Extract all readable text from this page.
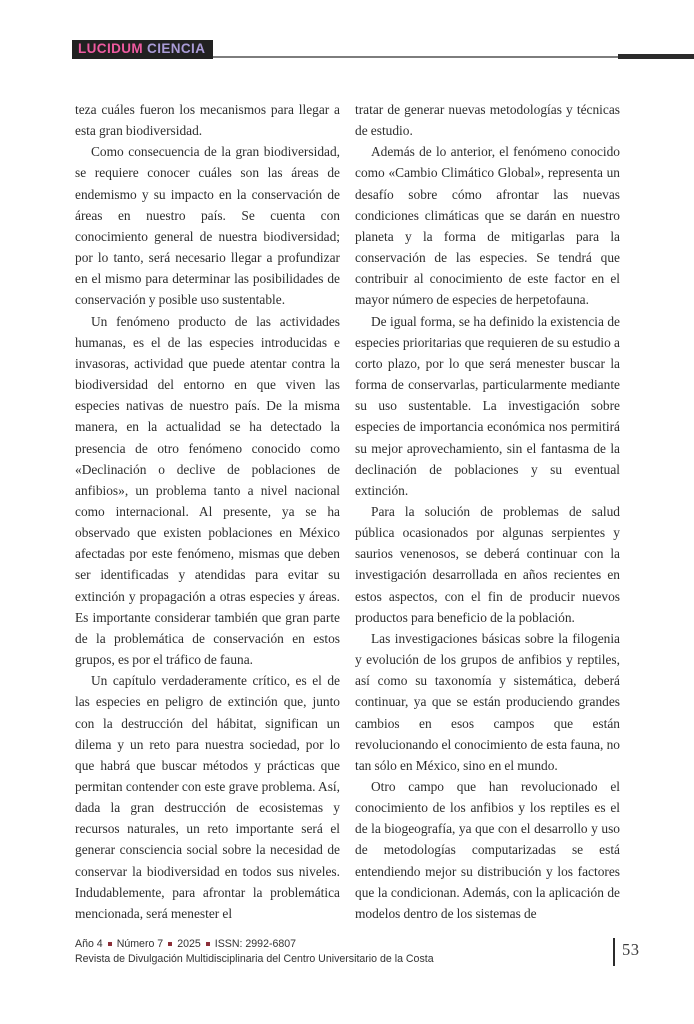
LUCIDUM CIENCIA

teza cuáles fueron los mecanismos para llegar a esta gran biodiversidad.

Como consecuencia de la gran biodiversidad, se requiere conocer cuáles son las áreas de endemismo y su impacto en la conservación de áreas en nuestro país. Se cuenta con conocimiento general de nuestra biodiversidad; por lo tanto, será necesario llegar a profundizar en el mismo para determinar las posibilidades de conservación y posible uso sustentable.

Un fenómeno producto de las actividades humanas, es el de las especies introducidas e invasoras, actividad que puede atentar contra la biodiversidad del entorno en que viven las especies nativas de nuestro país. De la misma manera, en la actualidad se ha detectado la presencia de otro fenómeno conocido como «Declinación o declive de poblaciones de anfibios», un problema tanto a nivel nacional como internacional. Al presente, ya se ha observado que existen poblaciones en México afectadas por este fenómeno, mismas que deben ser identificadas y atendidas para evitar su extinción y propagación a otras especies y áreas. Es importante considerar también que gran parte de la problemática de conservación en estos grupos, es por el tráfico de fauna.

Un capítulo verdaderamente crítico, es el de las especies en peligro de extinción que, junto con la destrucción del hábitat, significan un dilema y un reto para nuestra sociedad, por lo que habrá que buscar métodos y prácticas que permitan contender con este grave problema. Así, dada la gran destrucción de ecosistemas y recursos naturales, un reto importante será el generar consciencia social sobre la necesidad de conservar la biodiversidad en todos sus niveles. Indudablemente, para afrontar la problemática mencionada, será menester el

tratar de generar nuevas metodologías y técnicas de estudio.

Además de lo anterior, el fenómeno conocido como «Cambio Climático Global», representa un desafío sobre cómo afrontar las nuevas condiciones climáticas que se darán en nuestro planeta y la forma de mitigarlas para la conservación de las especies. Se tendrá que contribuir al conocimiento de este factor en el mayor número de especies de herpetofauna.

De igual forma, se ha definido la existencia de especies prioritarias que requieren de su estudio a corto plazo, por lo que será menester buscar la forma de conservarlas, particularmente mediante su uso sustentable. La investigación sobre especies de importancia económica nos permitirá su mejor aprovechamiento, sin el fantasma de la declinación de poblaciones y su eventual extinción.

Para la solución de problemas de salud pública ocasionados por algunas serpientes y saurios venenosos, se deberá continuar con la investigación desarrollada en años recientes en estos aspectos, con el fin de producir nuevos productos para beneficio de la población.

Las investigaciones básicas sobre la filogenia y evolución de los grupos de anfibios y reptiles, así como su taxonomía y sistemática, deberá continuar, ya que se están produciendo grandes cambios en esos campos que están revolucionando el conocimiento de esta fauna, no tan sólo en México, sino en el mundo.

Otro campo que han revolucionado el conocimiento de los anfibios y los reptiles es el de la biogeografía, ya que con el desarrollo y uso de metodologías computarizadas se está entendiendo mejor su distribución y los factores que la condicionan. Además, con la aplicación de modelos dentro de los sistemas de

Año 4 Número 7 2025 ISSN: 2992-6807
Revista de Divulgación Multidisciplinaria del Centro Universitario de la Costa	53
